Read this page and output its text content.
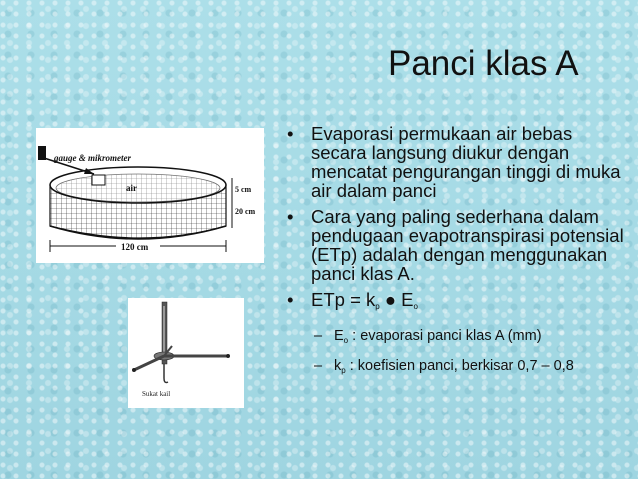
Panci klas A
gauge & mikrometer
air	5 cm
20 cm
120 cm
Sukat kail
• Evaporasi permukaan air bebas secara langsung diukur dengan mencatat pengurangan tinggi di muka air dalam panci
• Cara yang paling sederhana dalam pendugaan evapotranspirasi potensial (ETp) adalah dengan menggunakan panci klas A.
• ETp = kp ● Eo
– $E_o$ : evaporasi panci klas A (mm)
– $k_p$ : koefisien panci, berkisar 0,7 – 0,8
